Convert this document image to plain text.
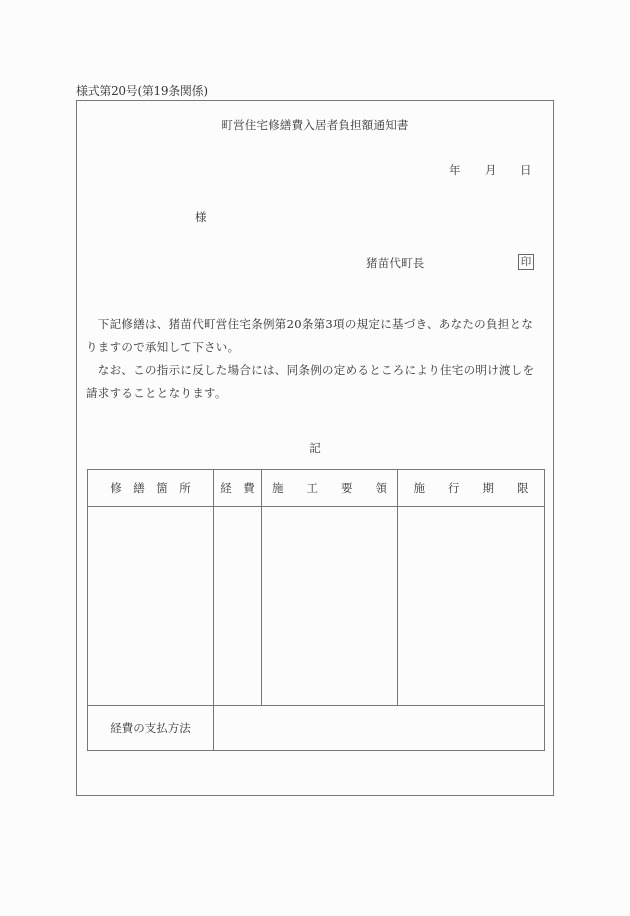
様式第20号(第19条関係)
町営住宅修繕費入居者負担額通知書
年 月 日
様
猪苗代町長	印
　下記修繕は、猪苗代町営住宅条例第20条第3項の規定に基づき、あなたの負担とな
りますので承知して下さい。
　なお、この指示に反した場合には、同条例の定めるところにより住宅の明け渡しを
請求することとなります。
記
修　繕　箇　所	経　費	施　　工　　要　　領	施　　行　　期　　限

経費の支払方法			
